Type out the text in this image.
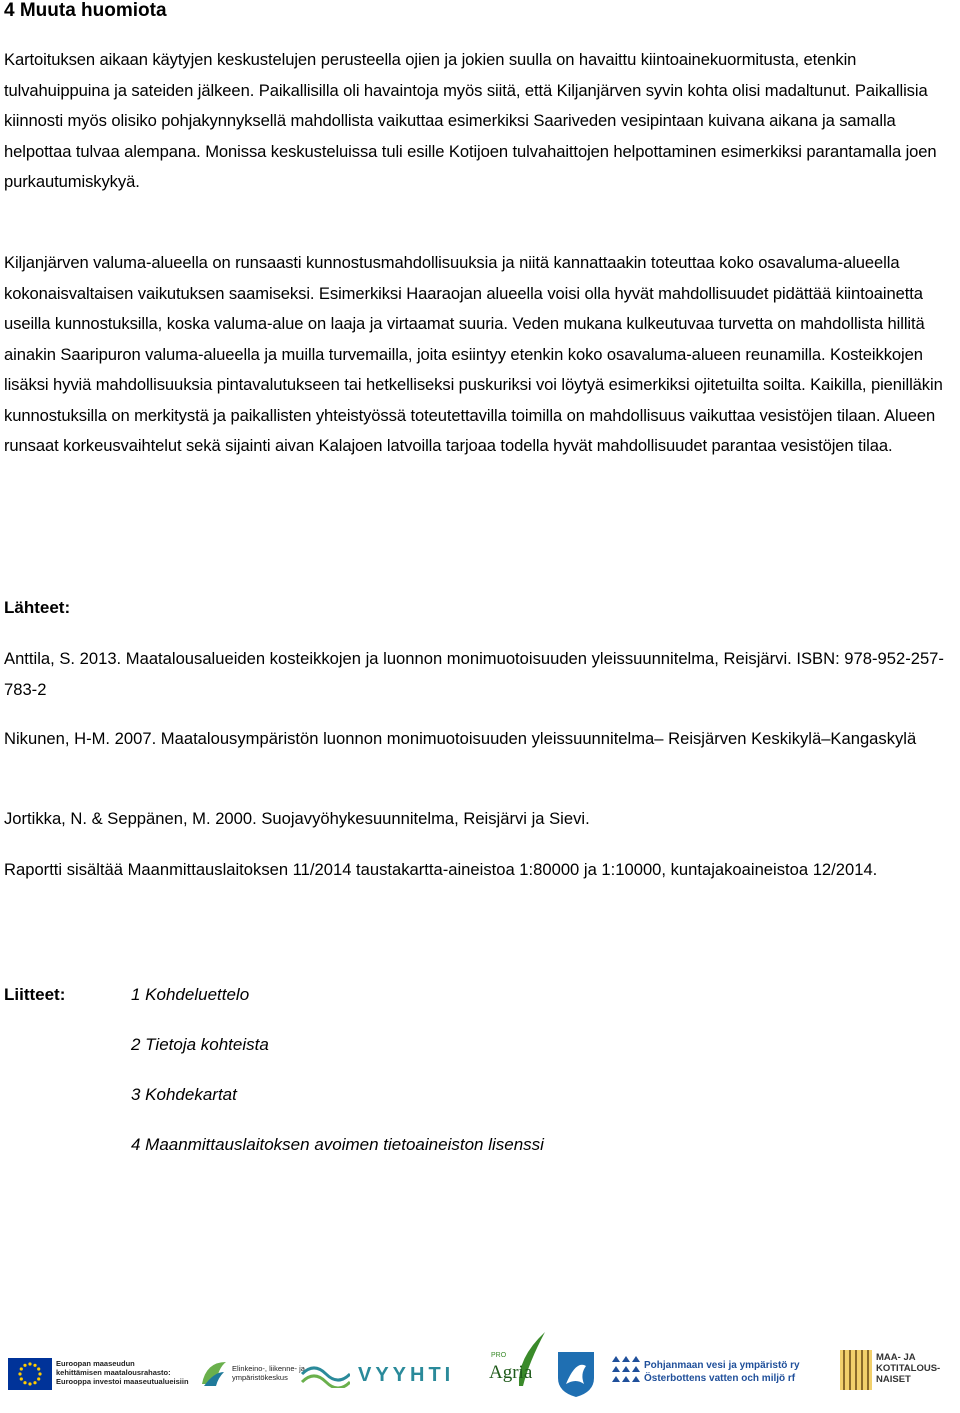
4 Muuta huomiota
Kartoituksen aikaan käytyjen keskustelujen perusteella ojien ja jokien suulla on havaittu kiintoainekuormitusta, etenkin tulvahuippuina ja sateiden jälkeen. Paikallisilla oli havaintoja myös siitä, että Kiljanjärven syvin kohta olisi madaltunut. Paikallisia kiinnosti myös olisiko pohjakynnyksellä mahdollista vaikuttaa esimerkiksi Saariveden vesipintaan kuivana aikana ja samalla helpottaa tulvaa alempana. Monissa keskusteluissa tuli esille Kotijoen tulvahaittojen helpottaminen esimerkiksi parantamalla joen purkautumiskykyä.
Kiljanjärven valuma-alueella on runsaasti kunnostusmahdollisuuksia ja niitä kannattaakin toteuttaa koko osavaluma-alueella kokonaisvaltaisen vaikutuksen saamiseksi. Esimerkiksi Haaraojan alueella voisi olla hyvät mahdollisuudet pidättää kiintoainetta useilla kunnostuksilla, koska valuma-alue on laaja ja virtaamat suuria. Veden mukana kulkeutuvaa turvetta on mahdollista hillitä ainakin Saaripuron valuma-alueella ja muilla turvemailla, joita esiintyy etenkin koko osavaluma-alueen reunamilla. Kosteikkojen lisäksi hyviä mahdollisuuksia pintavalutukseen tai hetkelliseksi puskuriksi voi löytyä esimerkiksi ojitetuilta soilta. Kaikilla, pienilläkin kunnostuksilla on merkitystä ja paikallisten yhteistyössä toteutettavilla toimilla on mahdollisuus vaikuttaa vesistöjen tilaan. Alueen runsaat korkeusvaihtelut sekä sijainti aivan Kalajoen latvoilla tarjoaa todella hyvät mahdollisuudet parantaa vesistöjen tilaa.
Lähteet:
Anttila, S. 2013. Maatalousalueiden kosteikkojen ja luonnon monimuotoisuuden yleissuunnitelma, Reisjärvi. ISBN: 978-952-257-783-2
Nikunen, H-M. 2007. Maatalousympäristön luonnon monimuotoisuuden yleissuunnitelma– Reisjärven Keskikylä–Kangaskylä
Jortikka, N. & Seppänen, M. 2000. Suojavyöhykesuunnitelma, Reisjärvi ja Sievi.
Raportti sisältää Maanmittauslaitoksen 11/2014 taustakartta-aineistoa 1:80000 ja 1:10000, kuntajakoaineistoa 12/2014.
Liitteet:	1 Kohdeluettelo
2 Tietoja kohteista
3 Kohdekartat
4 Maanmittauslaitoksen avoimen tietoaineiston lisenssi
Euroopan maaseudun
kehittämisen maatalousrahasto:
Eurooppa investoi maaseutualueisiin
Elinkeino-, liikenne- ja
ympäristökeskus	VYYHTI
PRO
Agria	Pohjanmaan vesi ja ympäristö ry
Österbottens vatten och miljö rf
MAA- JA
KOTITALOUS-
NAISET
